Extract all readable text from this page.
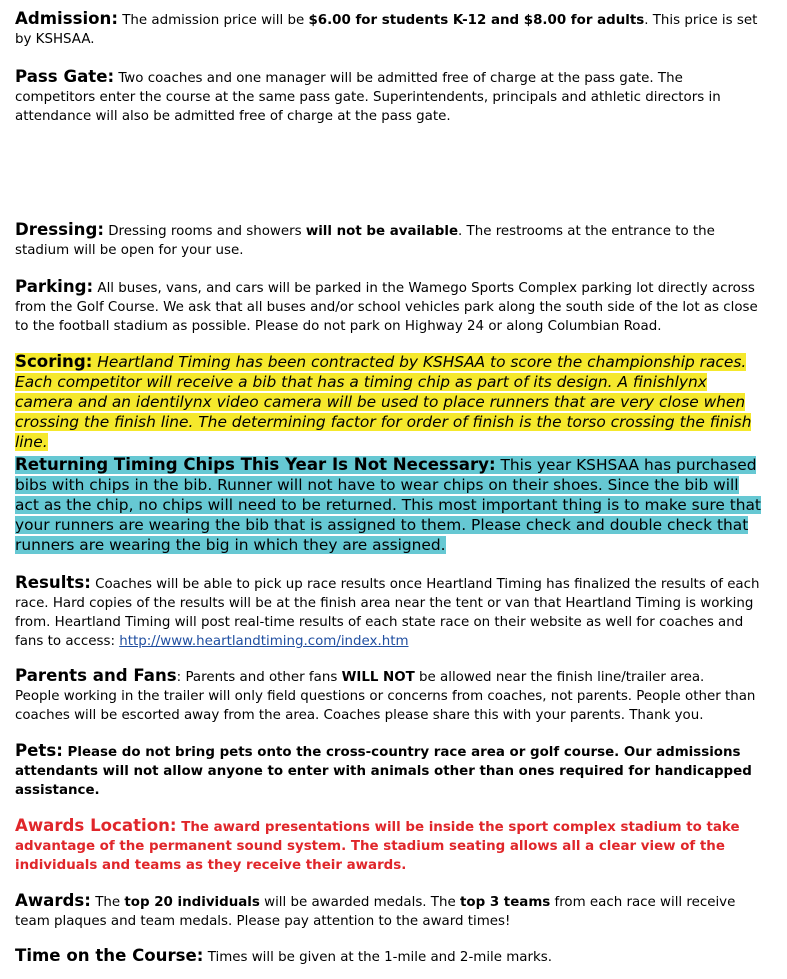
Admission: The admission price will be $6.00 for students K-12 and $8.00 for adults. This price is set by KSHSAA.
Pass Gate: Two coaches and one manager will be admitted free of charge at the pass gate. The competitors enter the course at the same pass gate. Superintendents, principals and athletic directors in attendance will also be admitted free of charge at the pass gate.
Dressing: Dressing rooms and showers will not be available. The restrooms at the entrance to the stadium will be open for your use.
Parking: All buses, vans, and cars will be parked in the Wamego Sports Complex parking lot directly across from the Golf Course. We ask that all buses and/or school vehicles park along the south side of the lot as close to the football stadium as possible. Please do not park on Highway 24 or along Columbian Road.
Scoring: Heartland Timing has been contracted by KSHSAA to score the championship races. Each competitor will receive a bib that has a timing chip as part of its design. A finishlynx camera and an identilynx video camera will be used to place runners that are very close when crossing the finish line. The determining factor for order of finish is the torso crossing the finish line.
Returning Timing Chips This Year Is Not Necessary: This year KSHSAA has purchased bibs with chips in the bib. Runner will not have to wear chips on their shoes. Since the bib will act as the chip, no chips will need to be returned. This most important thing is to make sure that your runners are wearing the bib that is assigned to them. Please check and double check that runners are wearing the big in which they are assigned.
Results: Coaches will be able to pick up race results once Heartland Timing has finalized the results of each race. Hard copies of the results will be at the finish area near the tent or van that Heartland Timing is working from. Heartland Timing will post real-time results of each state race on their website as well for coaches and fans to access: http://www.heartlandtiming.com/index.htm
Parents and Fans: Parents and other fans WILL NOT be allowed near the finish line/trailer area.
People working in the trailer will only field questions or concerns from coaches, not parents. People other than coaches will be escorted away from the area. Coaches please share this with your parents. Thank you.
Pets: Please do not bring pets onto the cross-country race area or golf course. Our admissions attendants will not allow anyone to enter with animals other than ones required for handicapped assistance.
Awards Location: The award presentations will be inside the sport complex stadium to take advantage of the permanent sound system. The stadium seating allows all a clear view of the individuals and teams as they receive their awards.
Awards: The top 20 individuals will be awarded medals. The top 3 teams from each race will receive team plaques and team medals. Please pay attention to the award times!
Time on the Course: Times will be given at the 1-mile and 2-mile marks.
